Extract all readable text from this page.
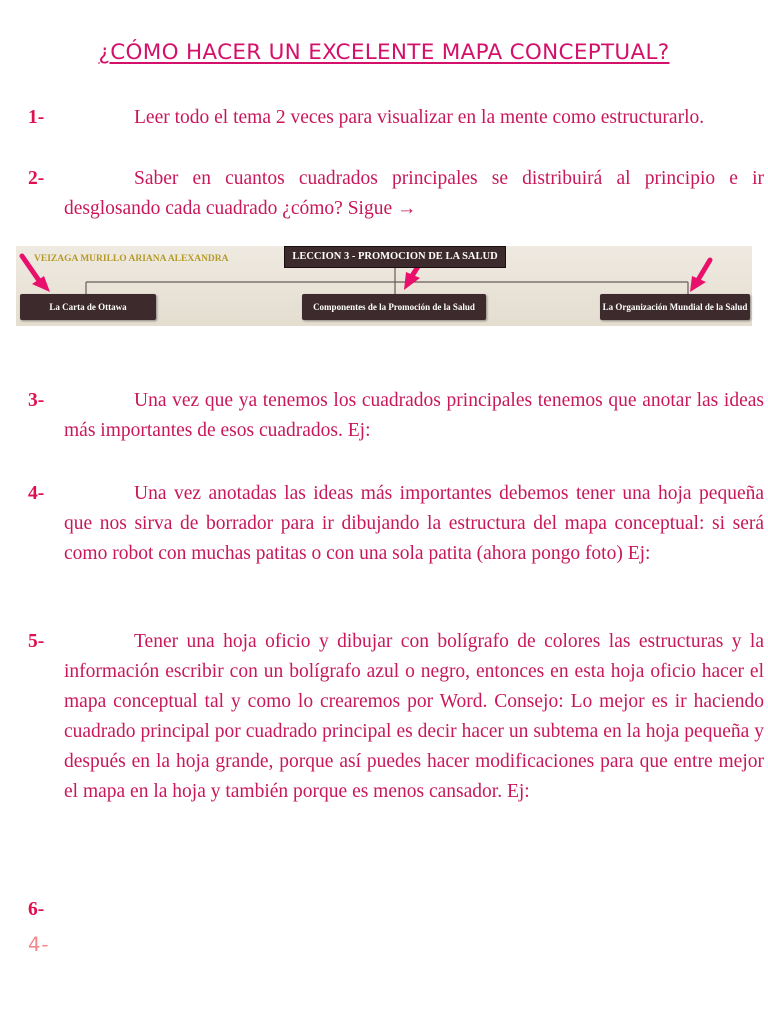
¿CÓMO HACER UN EXCELENTE MAPA CONCEPTUAL?
1-	Leer todo el tema 2 veces para visualizar en la mente como estructurarlo.
2-	Saber en cuantos cuadrados principales se distribuirá al principio e ir desglosando cada cuadrado ¿cómo? Sigue →
VEIZAGA MURILLO ARIANA ALEXANDRA	LECCION 3 - PROMOCION DE LA SALUD
La Carta de Ottawa	Componentes de la Promoción de la Salud	La Organización Mundial de la Salud
3-	Una vez que ya tenemos los cuadrados principales tenemos que anotar las ideas más importantes de esos cuadrados. Ej:
4-	Una vez anotadas las ideas más importantes debemos tener una hoja pequeña que nos sirva de borrador para ir dibujando la estructura del mapa conceptual: si será como robot con muchas patitas o con una sola patita (ahora pongo foto) Ej:
5-	Tener una hoja oficio y dibujar con bolígrafo de colores las estructuras y la información escribir con un bolígrafo azul o negro, entonces en esta hoja oficio hacer el mapa conceptual tal y como lo crearemos por Word. Consejo: Lo mejor es ir haciendo cuadrado principal por cuadrado principal es decir hacer un subtema en la hoja pequeña y después en la hoja grande, porque así puedes hacer modificaciones para que entre mejor el mapa en la hoja y también porque es menos cansador. Ej:
6-
4-
